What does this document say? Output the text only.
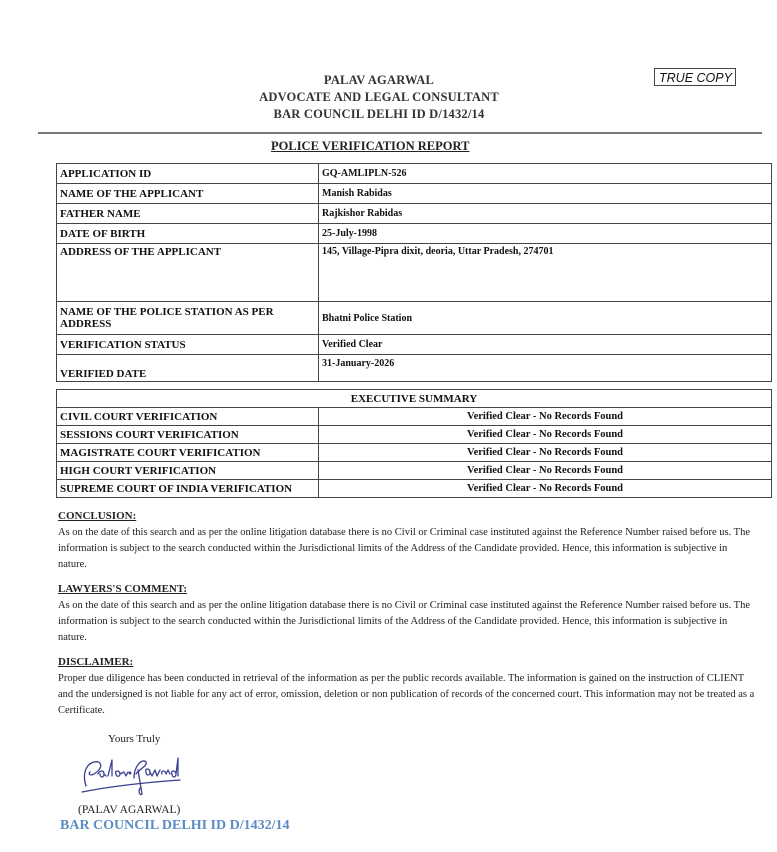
PALAV AGARWAL
ADVOCATE AND LEGAL CONSULTANT
BAR COUNCIL DELHI ID D/1432/14
TRUE COPY
POLICE VERIFICATION REPORT
APPLICATION ID	GQ-AMLIPLN-526
NAME OF THE APPLICANT	Manish Rabidas
FATHER NAME	Rajkishor Rabidas
DATE OF BIRTH	25-July-1998
ADDRESS OF THE APPLICANT	145, Village-Pipra dixit, deoria, Uttar Pradesh, 274701
NAME OF THE POLICE STATION AS PER ADDRESS	Bhatni Police Station
VERIFICATION STATUS	Verified Clear
VERIFIED DATE	31-January-2026
EXECUTIVE SUMMARY	
CIVIL COURT VERIFICATION	Verified Clear - No Records Found
SESSIONS COURT VERIFICATION	Verified Clear - No Records Found
MAGISTRATE COURT VERIFICATION	Verified Clear - No Records Found
HIGH COURT VERIFICATION	Verified Clear - No Records Found
SUPREME COURT OF INDIA VERIFICATION	Verified Clear - No Records Found
CONCLUSION:

As on the date of this search and as per the online litigation database there is no Civil or Criminal case instituted against the Reference Number raised before us. The information is subject to the search conducted within the Jurisdictional limits of the Address of the Candidate provided. Hence, this information is subjective in nature.

LAWYERS'S COMMENT:

As on the date of this search and as per the online litigation database there is no Civil or Criminal case instituted against the Reference Number raised before us. The information is subject to the search conducted within the Jurisdictional limits of the Address of the Candidate provided. Hence, this information is subjective in nature.

DISCLAIMER:

Proper due diligence has been conducted in retrieval of the information as per the public records available. The information is gained on the instruction of CLIENT and the undersigned is not liable for any act of error, omission, deletion or non publication of records of the concerned court. This information may not be treated as a Certificate.

Yours Truly
(PALAV AGARWAL)
BAR COUNCIL DELHI ID D/1432/14
